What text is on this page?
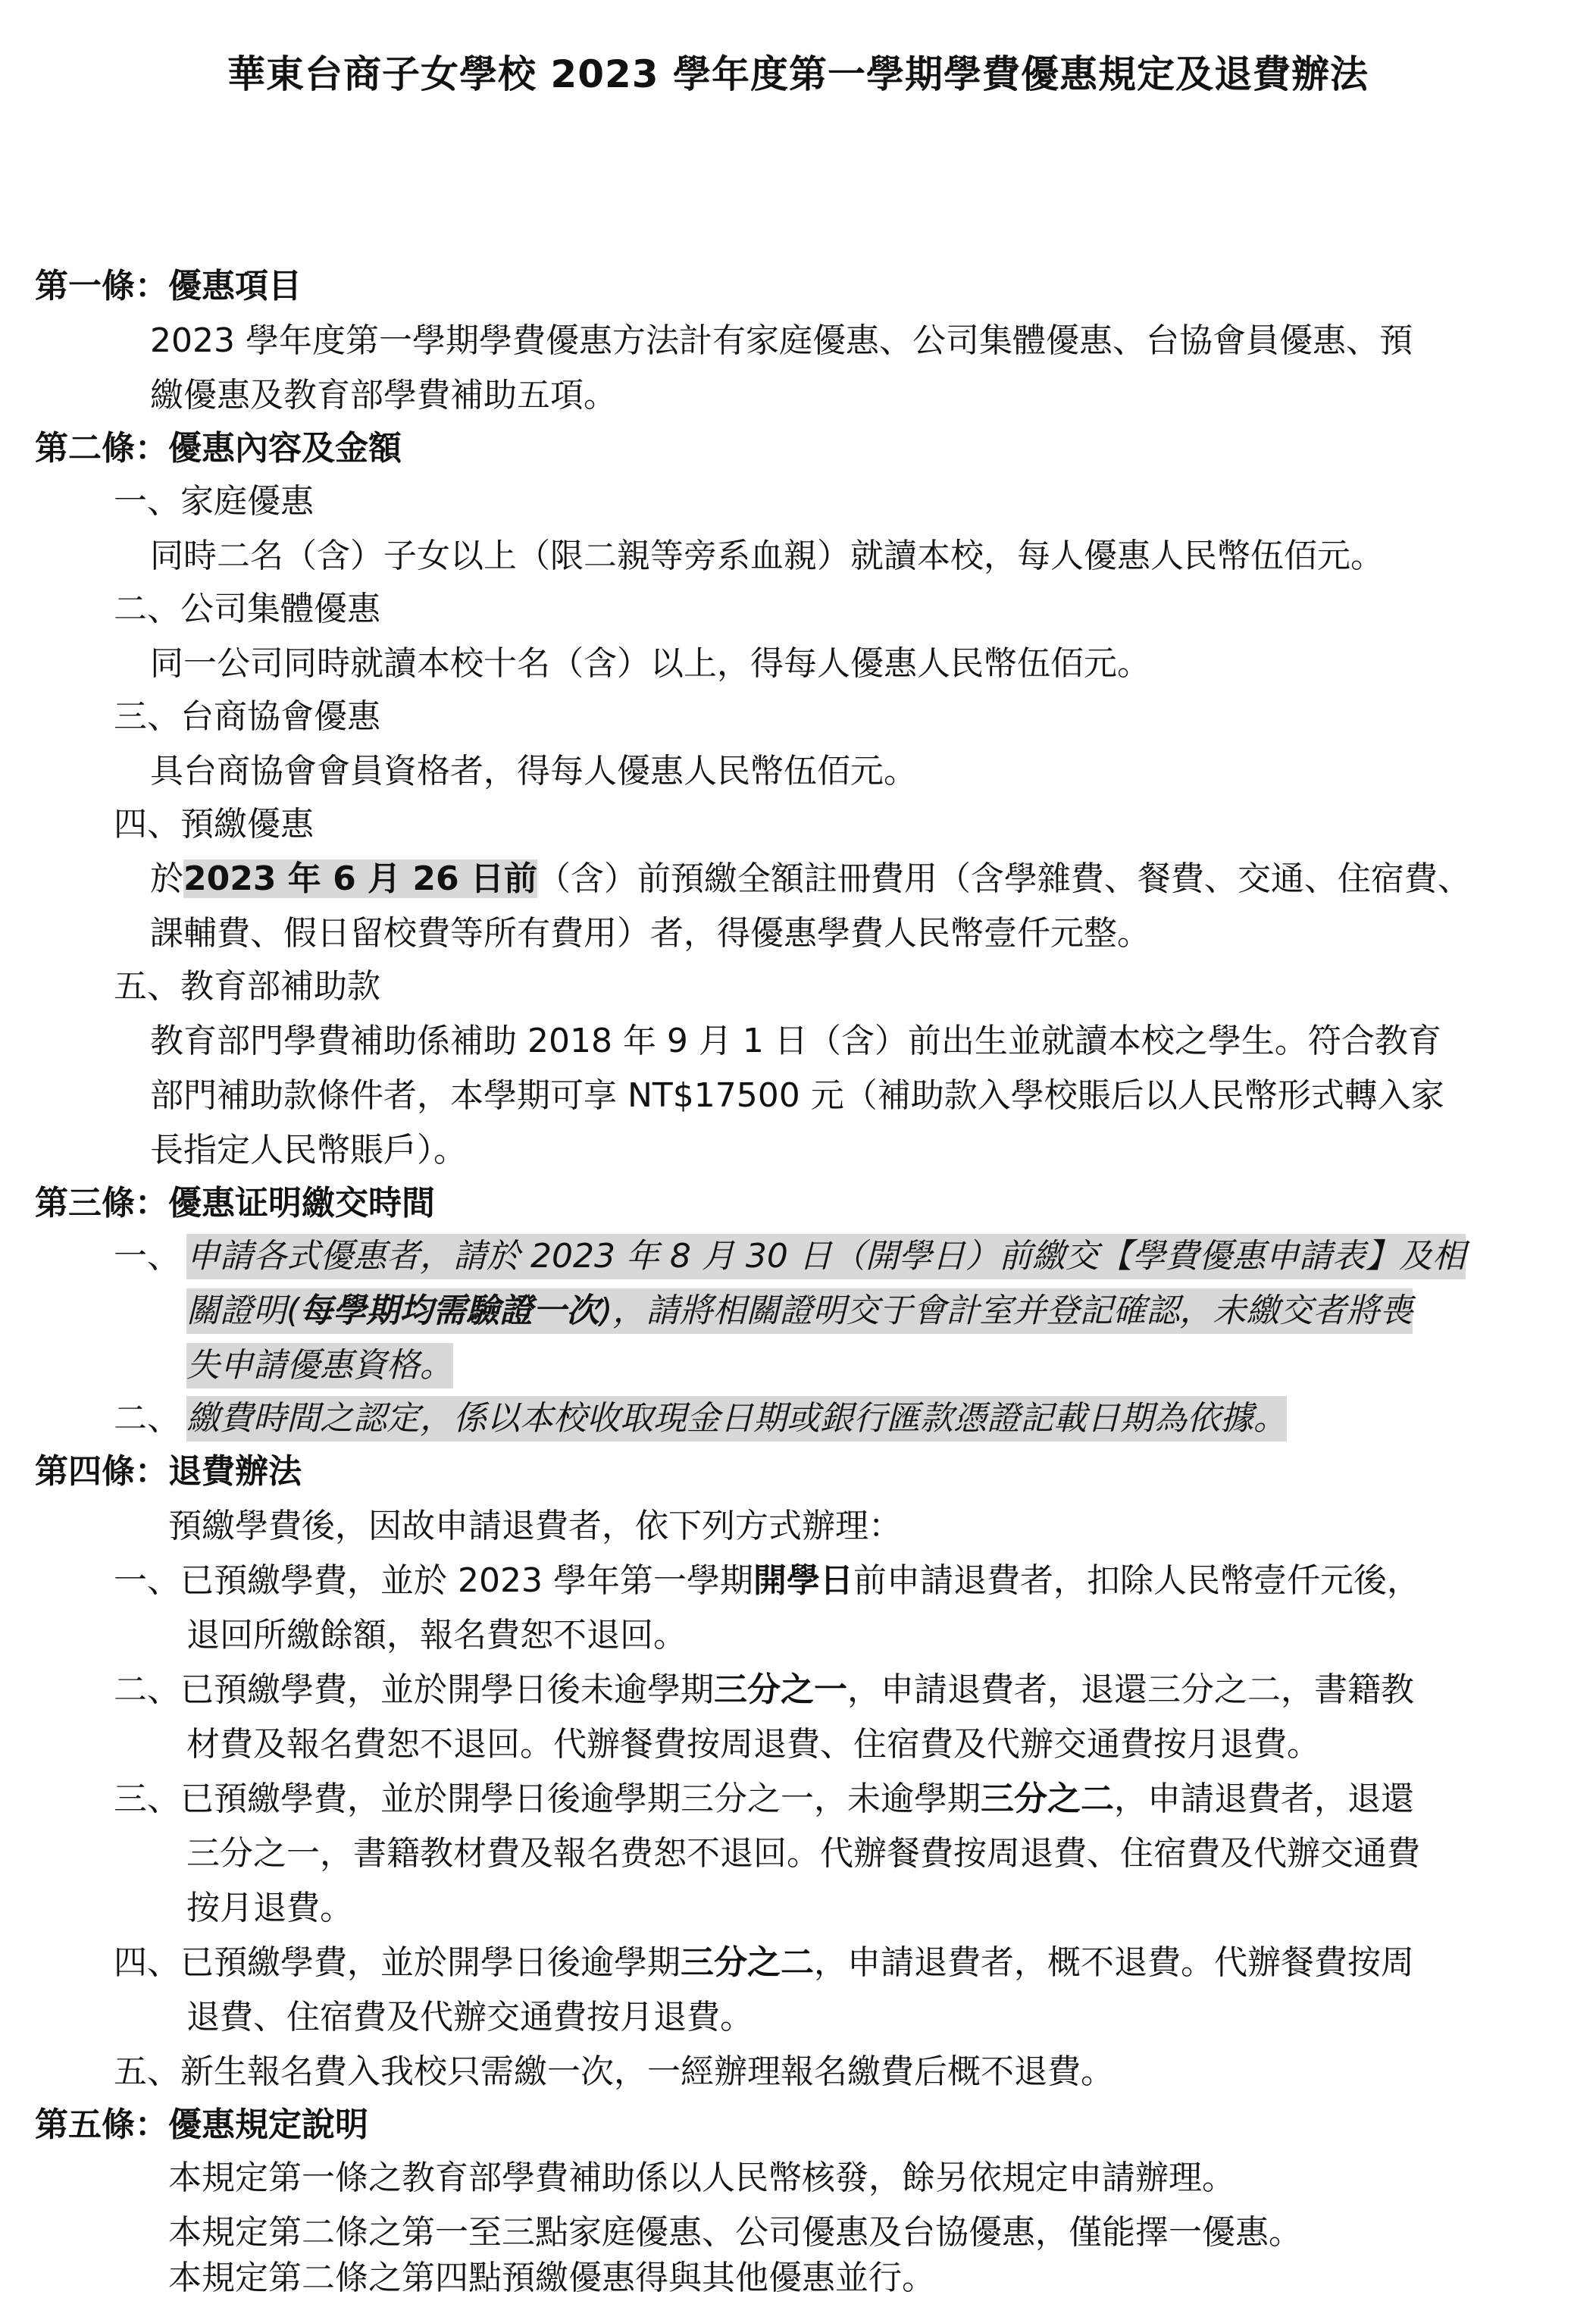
華東台商子女學校 2023 學年度第一學期學費優惠規定及退費辦法
第一條：優惠項目
2023 學年度第一學期學費優惠方法計有家庭優惠、公司集體優惠、台協會員優惠、預
繳優惠及教育部學費補助五項。
第二條：優惠內容及金額
一、家庭優惠
同時二名（含）子女以上（限二親等旁系血親）就讀本校，每人優惠人民幣伍佰元。
二、公司集體優惠
同一公司同時就讀本校十名（含）以上，得每人優惠人民幣伍佰元。
三、台商協會優惠
具台商協會會員資格者，得每人優惠人民幣伍佰元。
四、預繳優惠
於2023 年 6 月 26 日前（含）前預繳全額註冊費用（含學雜費、餐費、交通、住宿費、
課輔費、假日留校費等所有費用）者，得優惠學費人民幣壹仟元整。
五、教育部補助款
教育部門學費補助係補助 2018 年 9 月 1 日（含）前出生並就讀本校之學生。符合教育
部門補助款條件者，本學期可享 NT$17500 元（補助款入學校賬后以人民幣形式轉入家
長指定人民幣賬戶）。
第三條：優惠证明繳交時間
一、 申請各式優惠者，請於 2023 年 8 月 30 日（開學日）前繳交【學費優惠申請表】及相
關證明(每學期均需驗證一次)，請將相關證明交于會計室并登記確認，未繳交者將喪
失申請優惠資格。
二、 繳費時間之認定，係以本校收取現金日期或銀行匯款憑證記載日期為依據。
第四條：退費辦法
預繳學費後，因故申請退費者，依下列方式辦理：
一、已預繳學費，並於 2023 學年第一學期開學日前申請退費者，扣除人民幣壹仟元後，
退回所繳餘額，報名費恕不退回。
二、已預繳學費，並於開學日後未逾學期三分之一，申請退費者，退還三分之二，書籍教
材費及報名費恕不退回。代辦餐費按周退費、住宿費及代辦交通費按月退費。
三、已預繳學費，並於開學日後逾學期三分之一，未逾學期三分之二，申請退費者，退還
三分之一，書籍教材費及報名费恕不退回。代辦餐費按周退費、住宿費及代辦交通費
按月退費。
四、已預繳學費，並於開學日後逾學期三分之二，申請退費者，概不退費。代辦餐費按周
退費、住宿費及代辦交通費按月退費。
五、新生報名費入我校只需繳一次，一經辦理報名繳費后概不退費。
第五條：優惠規定說明
本規定第一條之教育部學費補助係以人民幣核發，餘另依規定申請辦理。
本規定第二條之第一至三點家庭優惠、公司優惠及台協優惠，僅能擇一優惠。
本規定第二條之第四點預繳優惠得與其他優惠並行。
